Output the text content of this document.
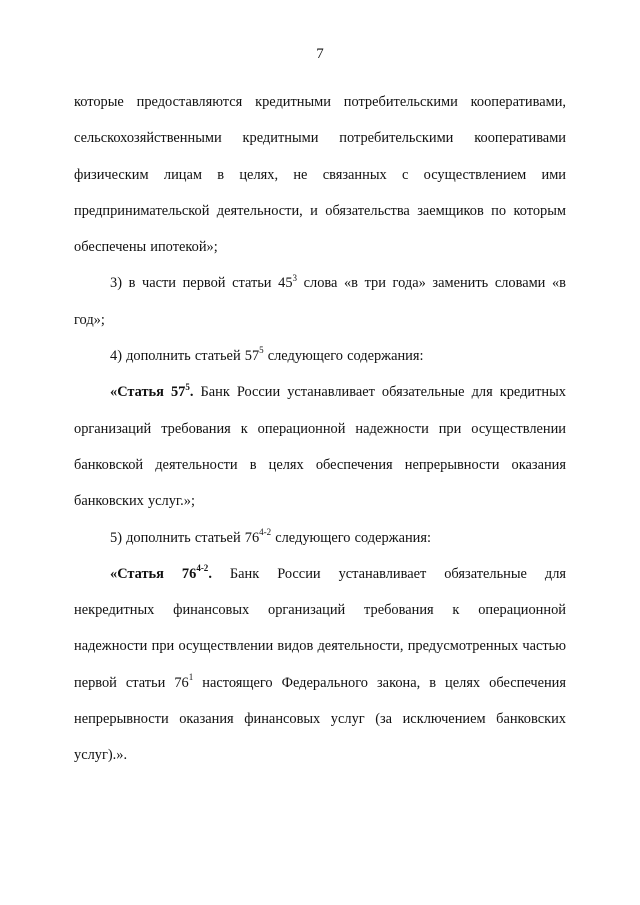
7

которые предоставляются кредитными потребительскими кооперативами, сельскохозяйственными кредитными потребительскими кооперативами физическим лицам в целях, не связанных с осуществлением ими предпринимательской деятельности, и обязательства заемщиков по которым обеспечены ипотекой»;

3) в части первой статьи $45^3$ слова «в три года» заменить словами «в год»;

4) дополнить статьей $57^5$ следующего содержания:

«Статья $57^5$. Банк России устанавливает обязательные для кредитных организаций требования к операционной надежности при осуществлении банковской деятельности в целях обеспечения непрерывности оказания банковских услуг.»;

5) дополнить статьей 76$^{4-2}$ следующего содержания:

«Статья 76$^{4-2}$. Банк России устанавливает обязательные для некредитных финансовых организаций требования к операционной надежности при осуществлении видов деятельности, предусмотренных частью первой статьи $76^1$ настоящего Федерального закона, в целях обеспечения непрерывности оказания финансовых услуг (за исключением банковских услуг).».
